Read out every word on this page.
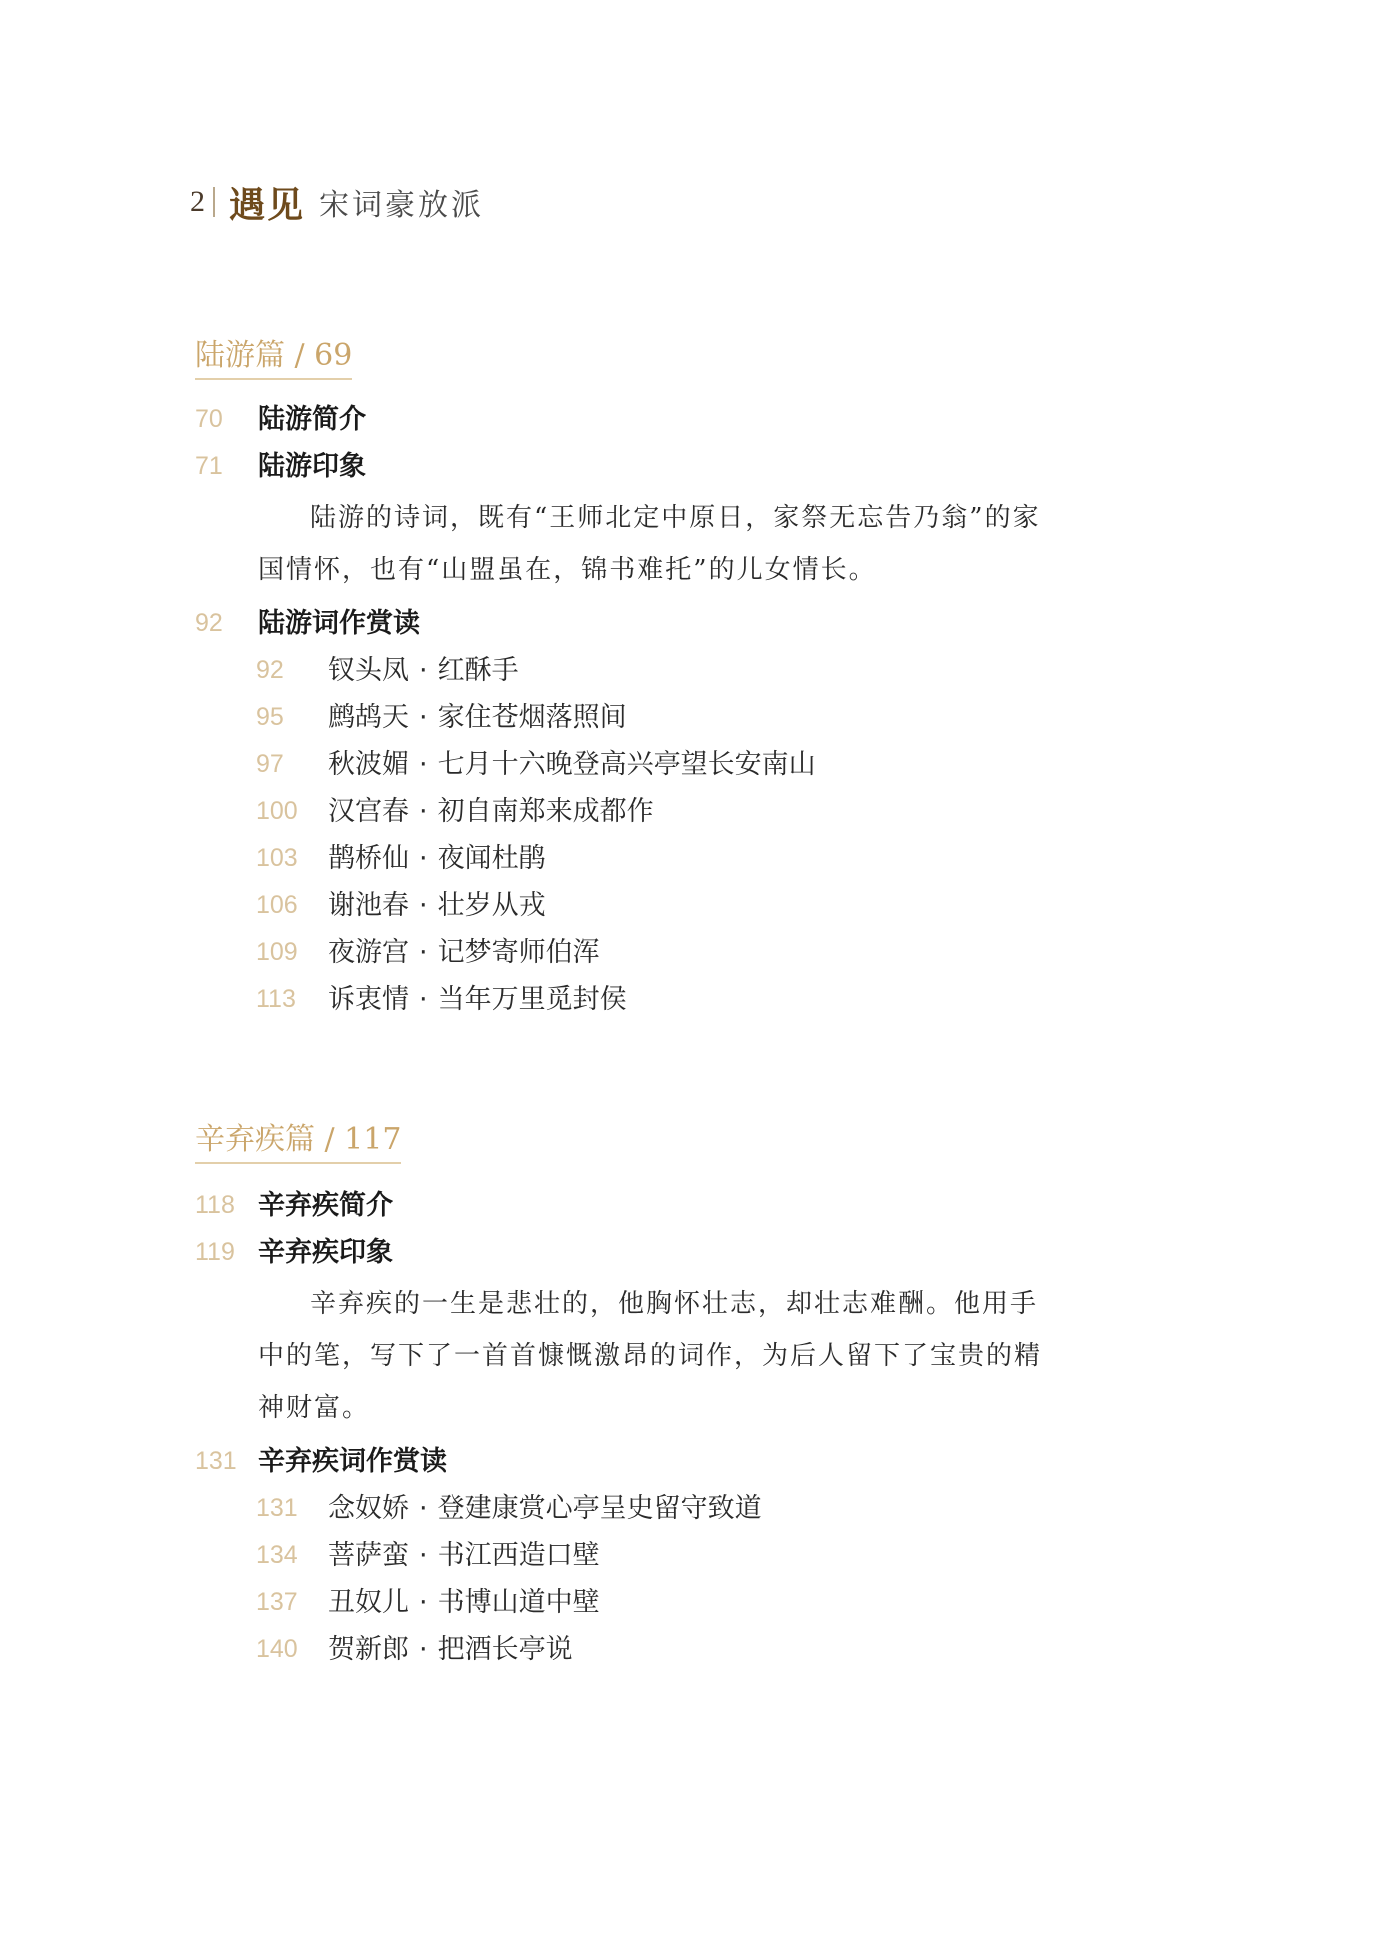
2 遇见 宋词豪放派
陆游篇 / 69
70	陆游简介
71	陆游印象

陆游的诗词，既有“王师北定中原日，家祭无忘告乃翁”的家国情怀，也有“山盟虽在，锦书难托”的儿女情长。

92	陆游词作赏读
92	钗头凤 · 红酥手
95	鹧鸪天 · 家住苍烟落照间
97	秋波媚 · 七月十六晚登高兴亭望长安南山
100	汉宫春 · 初自南郑来成都作
103	鹊桥仙 · 夜闻杜鹃
106	谢池春 · 壮岁从戎
109	夜游宫 · 记梦寄师伯浑
113	诉衷情 · 当年万里觅封侯
辛弃疾篇 / 117
118 辛弃疾简介
119 辛弃疾印象

辛弃疾的一生是悲壮的，他胸怀壮志，却壮志难酬。他用手中的笔，写下了一首首慷慨激昂的词作，为后人留下了宝贵的精神财富。

131 辛弃疾词作赏读
131	念奴娇 · 登建康赏心亭呈史留守致道
134	菩萨蛮 · 书江西造口壁
137	丑奴儿 · 书博山道中壁
140	贺新郎 · 把酒长亭说
